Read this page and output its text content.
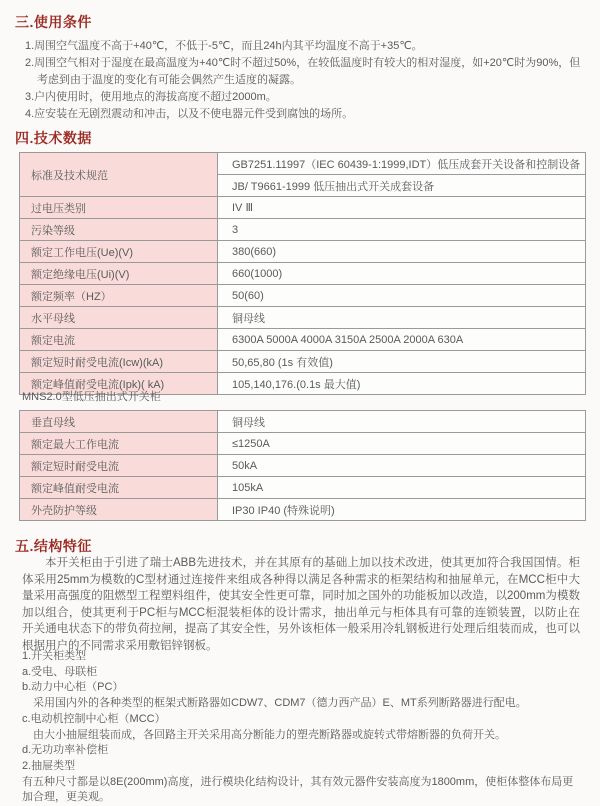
三.使用条件
1.周围空气温度不高于+40℃，不低于-5℃，而且24h内其平均温度不高于+35℃。
2.周围空气相对于湿度在最高温度为+40℃时不超过50%，在较低温度时有较大的相对湿度，如+20℃时为90%，但考虑到由于温度的变化有可能会偶然产生适度的凝露。
3.户内使用时，使用地点的海拔高度不超过2000m。
4.应安装在无剧烈震动和冲击，以及不使电器元件受到腐蚀的场所。
四.技术数据
标准及技术规范	GB7251.11997（IEC 60439-1:1999,IDT）低压成套开关设备和控制设备
	JB/ T9661-1999 低压抽出式开关成套设备
过电压类别	IV Ⅲ
污染等级	3
额定工作电压(Ue)(V)	380(660)
额定绝缘电压(Ui)(V)	660(1000)
额定频率（HZ）	50(60)
水平母线	铜母线
额定电流	6300A 5000A 4000A 3150A 2500A 2000A 630A
额定短时耐受电流(Icw)(kA)	50,65,80 (1s 有效值)
额定峰值耐受电流(Ipk)( kA)	105,140,176.(0.1s 最大值)
MNS2.0型低压抽出式开关柜
垂直母线	铜母线
额定最大工作电流	≤1250A
额定短时耐受电流	50kA
额定峰值耐受电流	105kA
外壳防护等级	IP30 IP40 (特殊说明)
五.结构特征
本开关柜由于引进了瑞士ABB先进技术，并在其原有的基础上加以技术改进，使其更加符合我国国情。柜体采用25mm为模数的C型材通过连接件来组成各种得以满足各种需求的柜架结构和抽屉单元，在MCC柜中大量采用高强度的阻燃型工程塑料组件，使其安全性更可靠，同时加之国外的功能板加以改造，以200mm为模数加以组合，使其更利于PC柜与MCC柜混装柜体的设计需求，抽出单元与柜体具有可靠的连锁装置，以防止在开关通电状态下的带负荷拉闸，提高了其安全性，另外该柜体一般采用冷轧钢板进行处理后组装而成，也可以根据用户的不同需求采用敷铝锌钢板。
1.开关柜类型
a.受电、母联柜
b.动力中心柜（PC）
采用国内外的各种类型的框架式断路器如CDW7、CDM7（德力西产品）E、MT系列断路器进行配电。
c.电动机控制中心柜（MCC）
由大小抽屉组装而成，各回路主开关采用高分断能力的塑壳断路器或旋转式带熔断器的负荷开关。
d.无功功率补偿柜
2.抽屉类型
有五种尺寸都是以8E(200mm)高度，进行模块化结构设计，其有效元器件安装高度为1800mm，使柜体整体布局更加合理，更美观。
